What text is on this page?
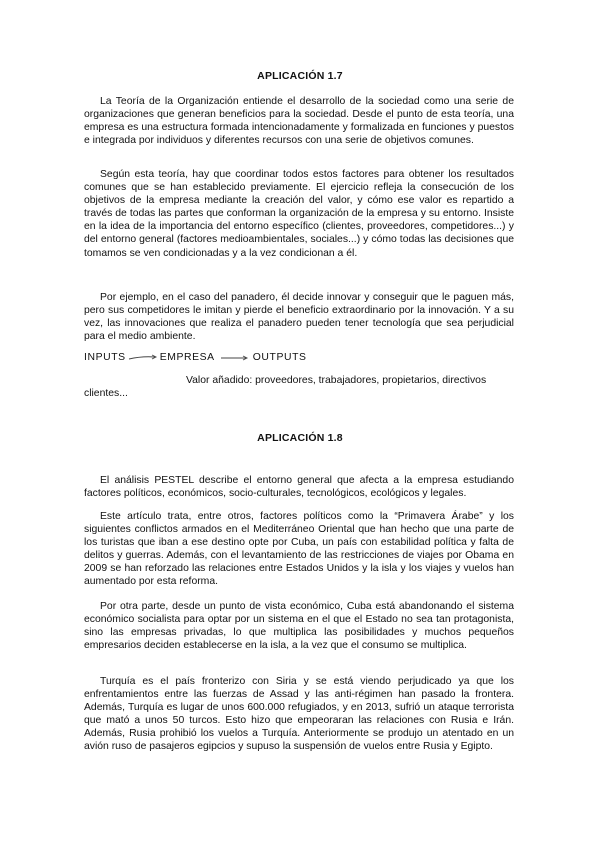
APLICACIÓN 1.7

La Teoría de la Organización entiende el desarrollo de la sociedad como una serie de organizaciones que generan beneficios para la sociedad. Desde el punto de esta teoría, una empresa es una estructura formada intencionadamente y formalizada en funciones y puestos e integrada por individuos y diferentes recursos con una serie de objetivos comunes.

Según esta teoría, hay que coordinar todos estos factores para obtener los resultados comunes que se han establecido previamente. El ejercicio refleja la consecución de los objetivos de la empresa mediante la creación del valor, y cómo ese valor es repartido a través de todas las partes que conforman la organización de la empresa y su entorno. Insiste en la idea de la importancia del entorno específico (clientes, proveedores, competidores...) y del entorno general (factores medioambientales, sociales...) y cómo todas las decisiones que tomamos se ven condicionadas y a la vez condicionan a él.

Por ejemplo, en el caso del panadero, él decide innovar y conseguir que le paguen más, pero sus competidores le imitan y pierde el beneficio extraordinario por la innovación. Y a su vez, las innovaciones que realiza el panadero pueden tener tecnología que sea perjudicial para el medio ambiente.

INPUTS	EMPRESA	OUTPUTS

Valor añadido: proveedores, trabajadores, propietarios, directivos
clientes...

APLICACIÓN 1.8

El análisis PESTEL describe el entorno general que afecta a la empresa estudiando factores políticos, económicos, socio-culturales, tecnológicos, ecológicos y legales.

Este artículo trata, entre otros, factores políticos como la “Primavera Árabe” y los siguientes conflictos armados en el Mediterráneo Oriental que han hecho que una parte de los turistas que iban a ese destino opte por Cuba, un país con estabilidad política y falta de delitos y guerras. Además, con el levantamiento de las restricciones de viajes por Obama en 2009 se han reforzado las relaciones entre Estados Unidos y la isla y los viajes y vuelos han aumentado por esta reforma.

Por otra parte, desde un punto de vista económico, Cuba está abandonando el sistema económico socialista para optar por un sistema en el que el Estado no sea tan protagonista, sino las empresas privadas, lo que multiplica las posibilidades y muchos pequeños empresarios deciden establecerse en la isla, a la vez que el consumo se multiplica.

Turquía es el país fronterizo con Siria y se está viendo perjudicado ya que los enfrentamientos entre las fuerzas de Assad y las anti-régimen han pasado la frontera. Además, Turquía es lugar de unos 600.000 refugiados, y en 2013, sufrió un ataque terrorista que mató a unos 50 turcos. Esto hizo que empeoraran las relaciones con Rusia e Irán. Además, Rusia prohibió los vuelos a Turquía. Anteriormente se produjo un atentado en un avión ruso de pasajeros egipcios y supuso la suspensión de vuelos entre Rusia y Egipto.
